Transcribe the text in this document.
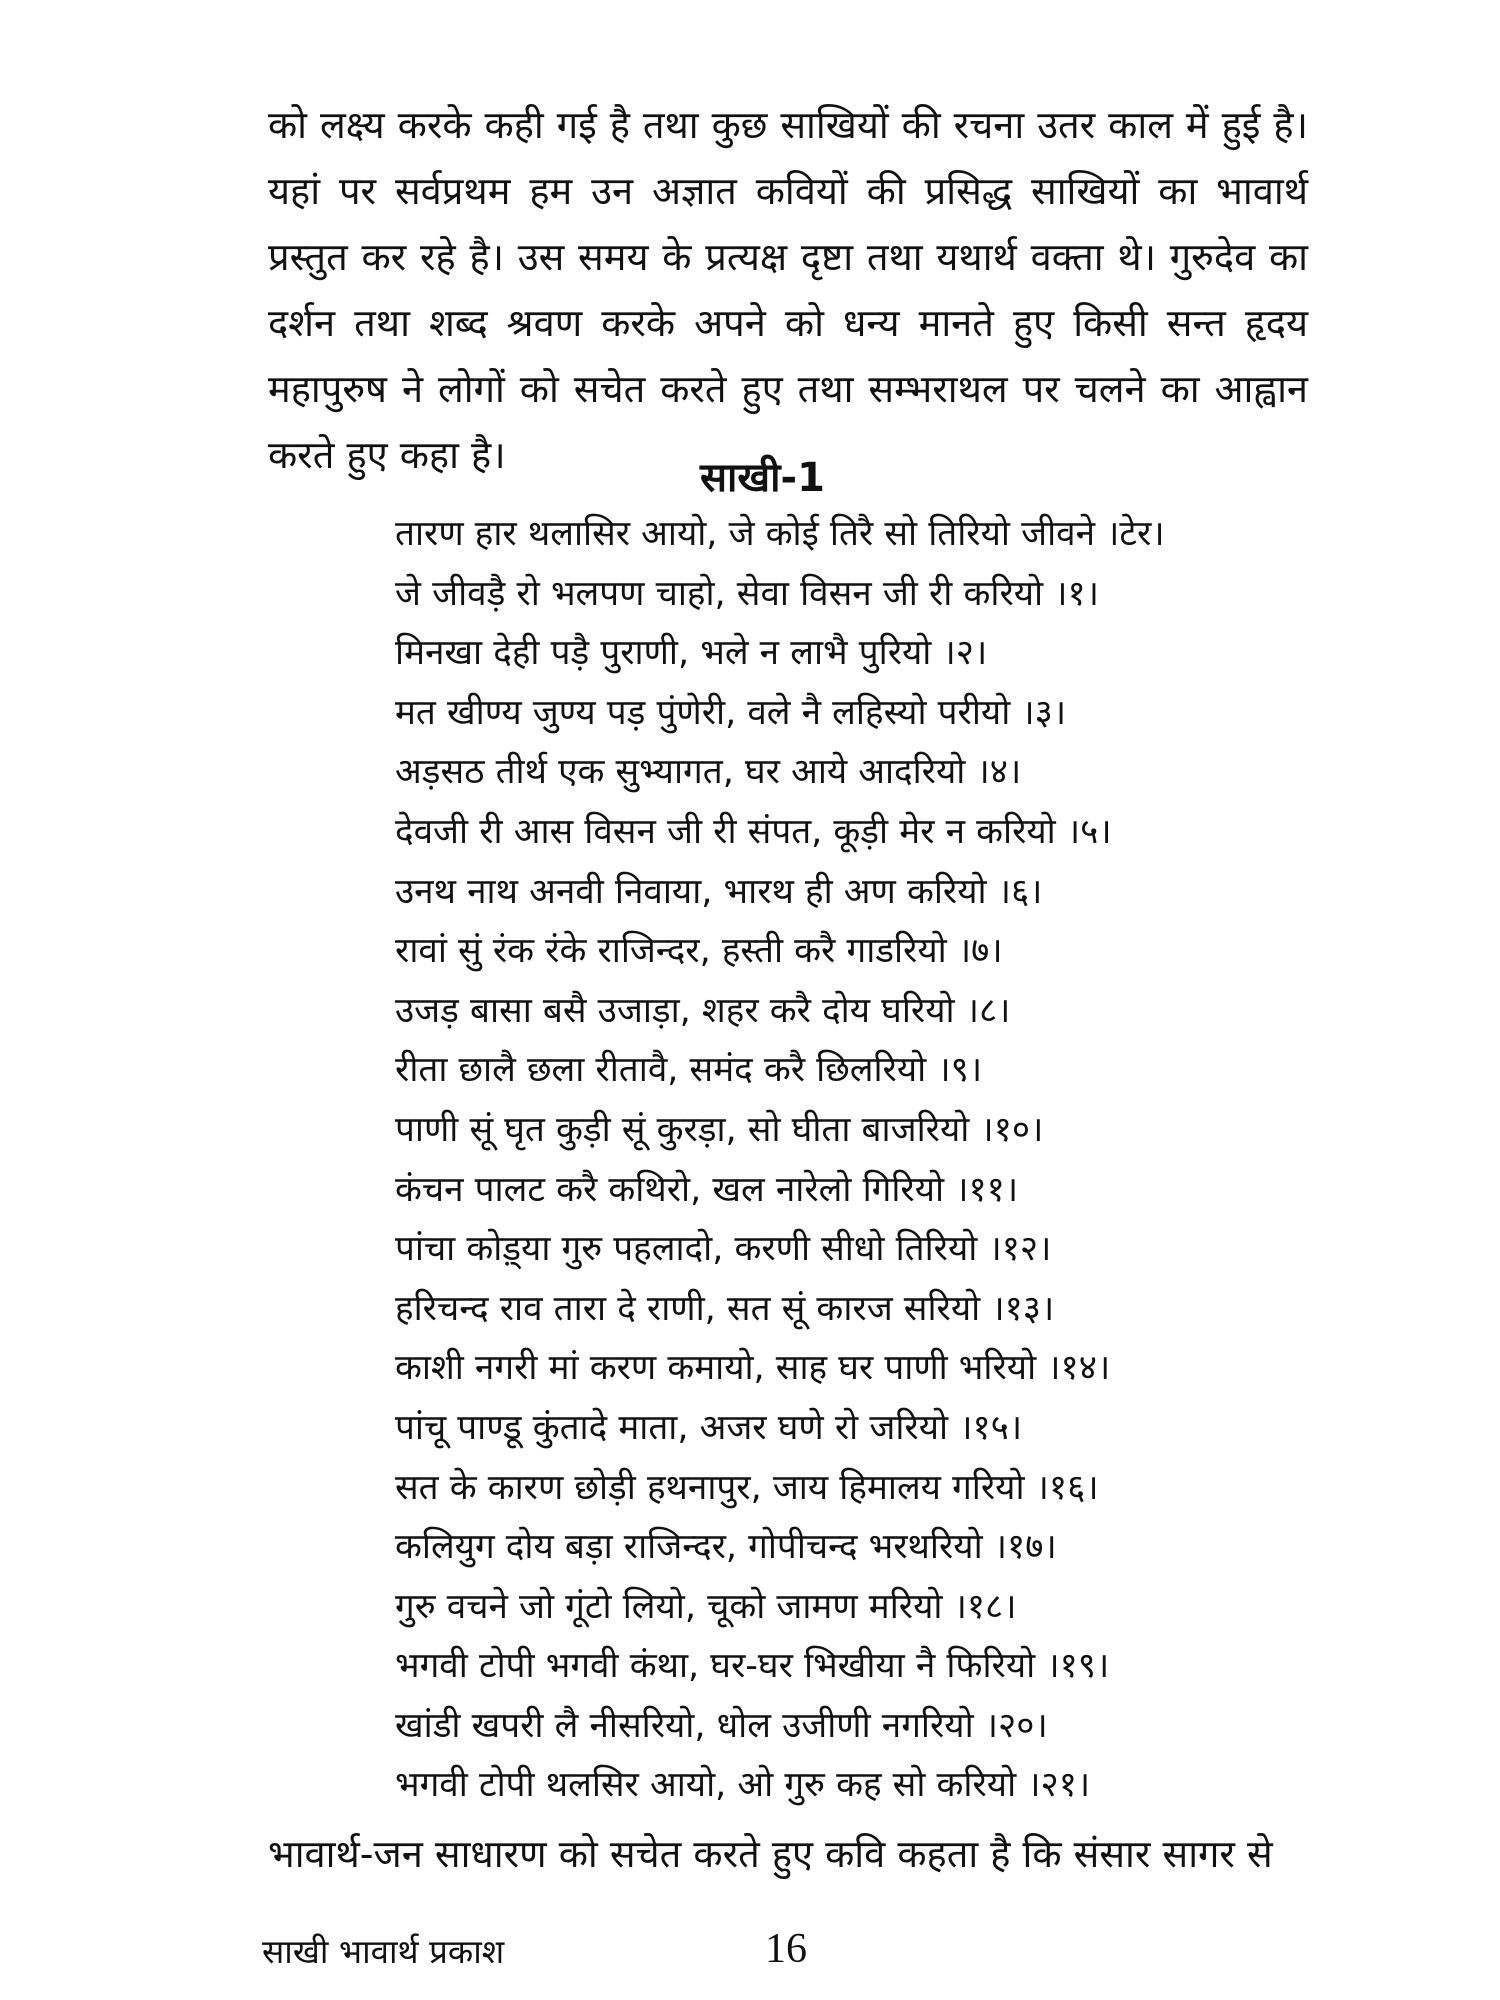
को लक्ष्य करके कही गई है तथा कुछ साखियों की रचना उतर काल में हुई है। यहां पर सर्वप्रथम हम उन अज्ञात कवियों की प्रसिद्ध साखियों का भावार्थ प्रस्तुत कर रहे है। उस समय के प्रत्यक्ष दृष्टा तथा यथार्थ वक्ता थे। गुरुदेव का दर्शन तथा शब्द श्रवण करके अपने को धन्य मानते हुए किसी सन्त हृदय महापुरुष ने लोगों को सचेत करते हुए तथा सम्भराथल पर चलने का आह्वान करते हुए कहा है।	साखी-1
तारण हार थलासिर आयो, जे कोई तिरै सो तिरियो जीवने ।टेर।
जे जीवड़ै रो भलपण चाहो, सेवा विसन जी री करियो ।१।
मिनखा देही पड़ै पुराणी, भले न लाभै पुरियो ।२।
मत खीण्य जुण्य पड़ पुंणेरी, वले नै लहिस्यो परीयो ।३।
अड़सठ तीर्थ एक सुभ्यागत, घर आये आदरियो ।४।
देवजी री आस विसन जी री संपत, कूड़ी मेर न करियो ।५।
उनथ नाथ अनवी निवाया, भारथ ही अण करियो ।६।
रावां सुं रंक रंके राजिन्दर, हस्ती करै गाडरियो ।७।
उजड़ बासा बसै उजाड़ा, शहर करै दोय घरियो ।८।
रीता छालै छला रीतावै, समंद करै छिलरियो ।९।
पाणी सूं घृत कुड़ी सूं कुरड़ा, सो घीता बाजरियो ।१०।
कंचन पालट करै कथिरो, खल नारेलो गिरियो ।११।
पांचा कोड़्या गुरु पहलादो, करणी सीधो तिरियो ।१२।
हरिचन्द राव तारा दे राणी, सत सूं कारज सरियो ।१३।
काशी नगरी मां करण कमायो, साह घर पाणी भरियो ।१४।
पांचू पाण्डू कुंतादे माता, अजर घणे रो जरियो ।१५।
सत के कारण छोड़ी हथनापुर, जाय हिमालय गरियो ।१६।
कलियुग दोय बड़ा राजिन्दर, गोपीचन्द भरथरियो ।१७।
गुरु वचने जो गूंटो लियो, चूको जामण मरियो ।१८।
भगवी टोपी भगवी कंथा, घर-घर भिखीया नै फिरियो ।१९।
खांडी खपरी लै नीसरियो, धोल उजीणी नगरियो ।२०।
भगवी टोपी थलसिर आयो, ओ गुरु कह सो करियो ।२१।
भावार्थ-जन साधारण को सचेत करते हुए कवि कहता है कि संसार सागर से
साखी भावार्थ प्रकाश	16
